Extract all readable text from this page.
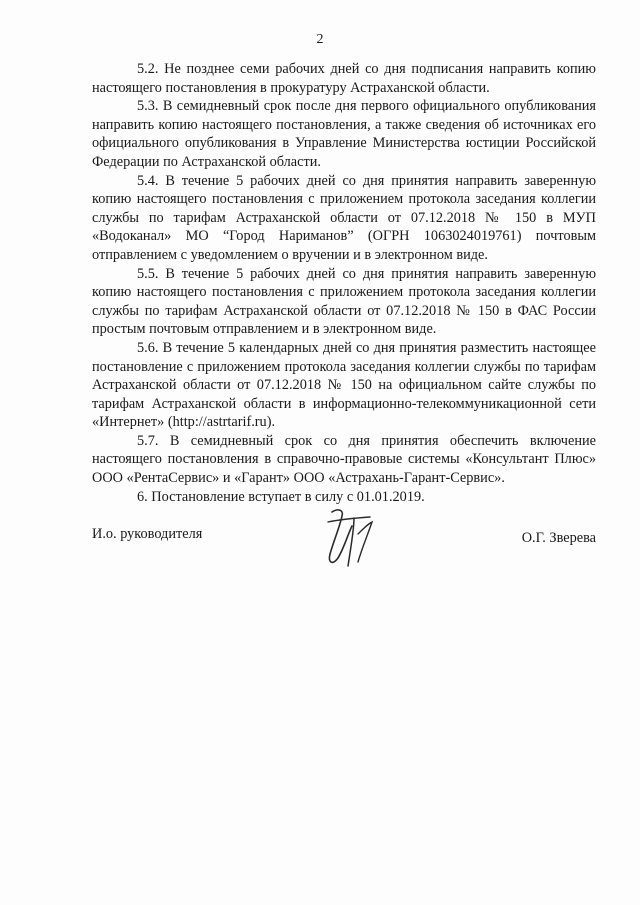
2

5.2. Не позднее семи рабочих дней со дня подписания направить копию настоящего постановления в прокуратуру Астраханской области.

5.3. В семидневный срок после дня первого официального опубликования направить копию настоящего постановления, а также сведения об источниках его официального опубликования в Управление Министерства юстиции Российской Федерации по Астраханской области.

5.4. В течение 5 рабочих дней со дня принятия направить заверенную копию настоящего постановления с приложением протокола заседания коллегии службы по тарифам Астраханской области от 07.12.2018 № 150 в МУП «Водоканал» МО “Город Нариманов” (ОГРН 1063024019761) почтовым отправлением с уведомлением о вручении и в электронном виде.

5.5. В течение 5 рабочих дней со дня принятия направить заверенную копию настоящего постановления с приложением протокола заседания коллегии службы по тарифам Астраханской области от 07.12.2018 № 150 в ФАС России простым почтовым отправлением и в электронном виде.

5.6. В течение 5 календарных дней со дня принятия разместить настоящее постановление с приложением протокола заседания коллегии службы по тарифам Астраханской области от 07.12.2018 № 150 на официальном сайте службы по тарифам Астраханской области в информационно-телекоммуникационной сети «Интернет» (http://astrtarif.ru).

5.7. В семидневный срок со дня принятия обеспечить включение настоящего постановления в справочно-правовые системы «Консультант Плюс» ООО «РентаСервис» и «Гарант» ООО «Астрахань-Гарант-Сервис».

6. Постановление вступает в силу с 01.01.2019.

И.о. руководителя	О.Г. Зверева
